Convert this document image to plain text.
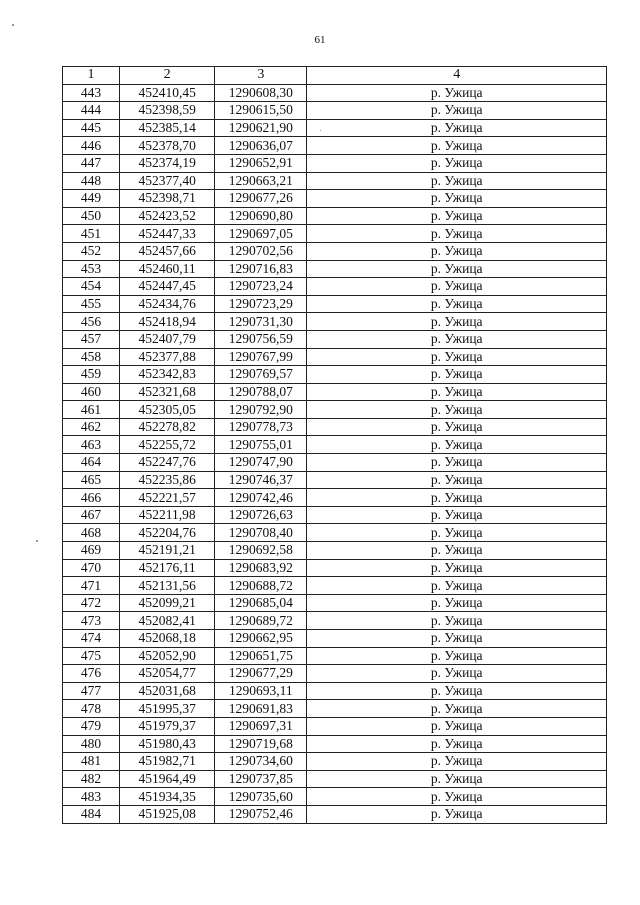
61
1	2	3	4
443	452410,45	1290608,30	р. Ужица
444	452398,59	1290615,50	р. Ужица
445	452385,14	1290621,90	р. Ужица
446	452378,70	1290636,07	р. Ужица
447	452374,19	1290652,91	р. Ужица
448	452377,40	1290663,21	р. Ужица
449	452398,71	1290677,26	р. Ужица
450	452423,52	1290690,80	р. Ужица
451	452447,33	1290697,05	р. Ужица
452	452457,66	1290702,56	р. Ужица
453	452460,11	1290716,83	р. Ужица
454	452447,45	1290723,24	р. Ужица
455	452434,76	1290723,29	р. Ужица
456	452418,94	1290731,30	р. Ужица
457	452407,79	1290756,59	р. Ужица
458	452377,88	1290767,99	р. Ужица
459	452342,83	1290769,57	р. Ужица
460	452321,68	1290788,07	р. Ужица
461	452305,05	1290792,90	р. Ужица
462	452278,82	1290778,73	р. Ужица
463	452255,72	1290755,01	р. Ужица
464	452247,76	1290747,90	р. Ужица
465	452235,86	1290746,37	р. Ужица
466	452221,57	1290742,46	р. Ужица
467	452211,98	1290726,63	р. Ужица
468	452204,76	1290708,40	р. Ужица
469	452191,21	1290692,58	р. Ужица
470	452176,11	1290683,92	р. Ужица
471	452131,56	1290688,72	р. Ужица
472	452099,21	1290685,04	р. Ужица
473	452082,41	1290689,72	р. Ужица
474	452068,18	1290662,95	р. Ужица
475	452052,90	1290651,75	р. Ужица
476	452054,77	1290677,29	р. Ужица
477	452031,68	1290693,11	р. Ужица
478	451995,37	1290691,83	р. Ужица
479	451979,37	1290697,31	р. Ужица
480	451980,43	1290719,68	р. Ужица
481	451982,71	1290734,60	р. Ужица
482	451964,49	1290737,85	р. Ужица
483	451934,35	1290735,60	р. Ужица
484	451925,08	1290752,46	р. Ужица
